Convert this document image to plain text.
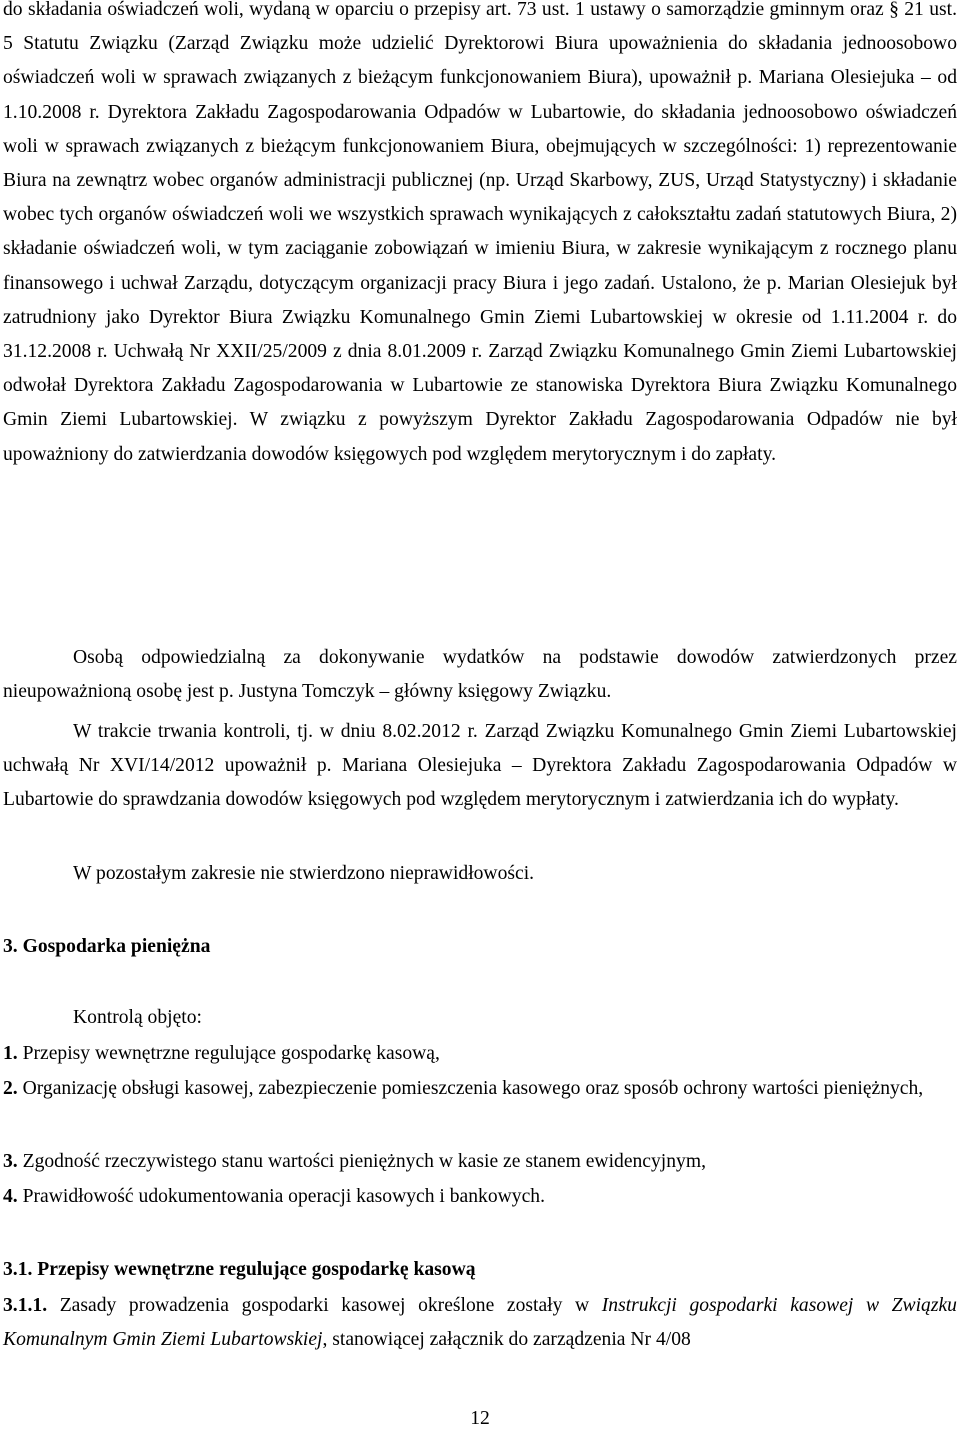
do składania oświadczeń woli, wydaną w oparciu o przepisy art. 73 ust. 1 ustawy o samorządzie gminnym oraz § 21 ust. 5 Statutu Związku (Zarząd Związku może udzielić Dyrektorowi Biura upoważnienia do składania jednoosobowo oświadczeń woli w sprawach związanych z bieżącym funkcjonowaniem Biura), upoważnił p. Mariana Olesiejuka – od 1.10.2008 r. Dyrektora Zakładu Zagospodarowania Odpadów w Lubartowie, do składania jednoosobowo oświadczeń woli w sprawach związanych z bieżącym funkcjonowaniem Biura, obejmujących w szczególności: 1) reprezentowanie Biura na zewnątrz wobec organów administracji publicznej (np. Urząd Skarbowy, ZUS, Urząd Statystyczny) i składanie wobec tych organów oświadczeń woli we wszystkich sprawach wynikających z całokształtu zadań statutowych Biura, 2) składanie oświadczeń woli, w tym zaciąganie zobowiązań w imieniu Biura, w zakresie wynikającym z rocznego planu finansowego i uchwał Zarządu, dotyczącym organizacji pracy Biura i jego zadań. Ustalono, że p. Marian Olesiejuk był zatrudniony jako Dyrektor Biura Związku Komunalnego Gmin Ziemi Lubartowskiej w okresie od 1.11.2004 r. do 31.12.2008 r. Uchwałą Nr XXII/25/2009 z dnia 8.01.2009 r. Zarząd Związku Komunalnego Gmin Ziemi Lubartowskiej odwołał Dyrektora Zakładu Zagospodarowania w Lubartowie ze stanowiska Dyrektora Biura Związku Komunalnego Gmin Ziemi Lubartowskiej. W związku z powyższym Dyrektor Zakładu Zagospodarowania Odpadów nie był upoważniony do zatwierdzania dowodów księgowych pod względem merytorycznym i do zapłaty.

Osobą odpowiedzialną za dokonywanie wydatków na podstawie dowodów zatwierdzonych przez nieupoważnioną osobę jest p. Justyna Tomczyk – główny księgowy Związku.

W trakcie trwania kontroli, tj. w dniu 8.02.2012 r. Zarząd Związku Komunalnego Gmin Ziemi Lubartowskiej uchwałą Nr XVI/14/2012 upoważnił p. Mariana Olesiejuka – Dyrektora Zakładu Zagospodarowania Odpadów w Lubartowie do sprawdzania dowodów księgowych pod względem merytorycznym i zatwierdzania ich do wypłaty.

W pozostałym zakresie nie stwierdzono nieprawidłowości.

3. Gospodarka pieniężna

Kontrolą objęto:

1. Przepisy wewnętrzne regulujące gospodarkę kasową,

2. Organizację obsługi kasowej, zabezpieczenie pomieszczenia kasowego oraz sposób ochrony wartości pieniężnych,

3. Zgodność rzeczywistego stanu wartości pieniężnych w kasie ze stanem ewidencyjnym,

4. Prawidłowość udokumentowania operacji kasowych i bankowych.

3.1. Przepisy wewnętrzne regulujące gospodarkę kasową

3.1.1. Zasady prowadzenia gospodarki kasowej określone zostały w Instrukcji gospodarki kasowej w Związku Komunalnym Gmin Ziemi Lubartowskiej, stanowiącej załącznik do zarządzenia Nr 4/08

12
